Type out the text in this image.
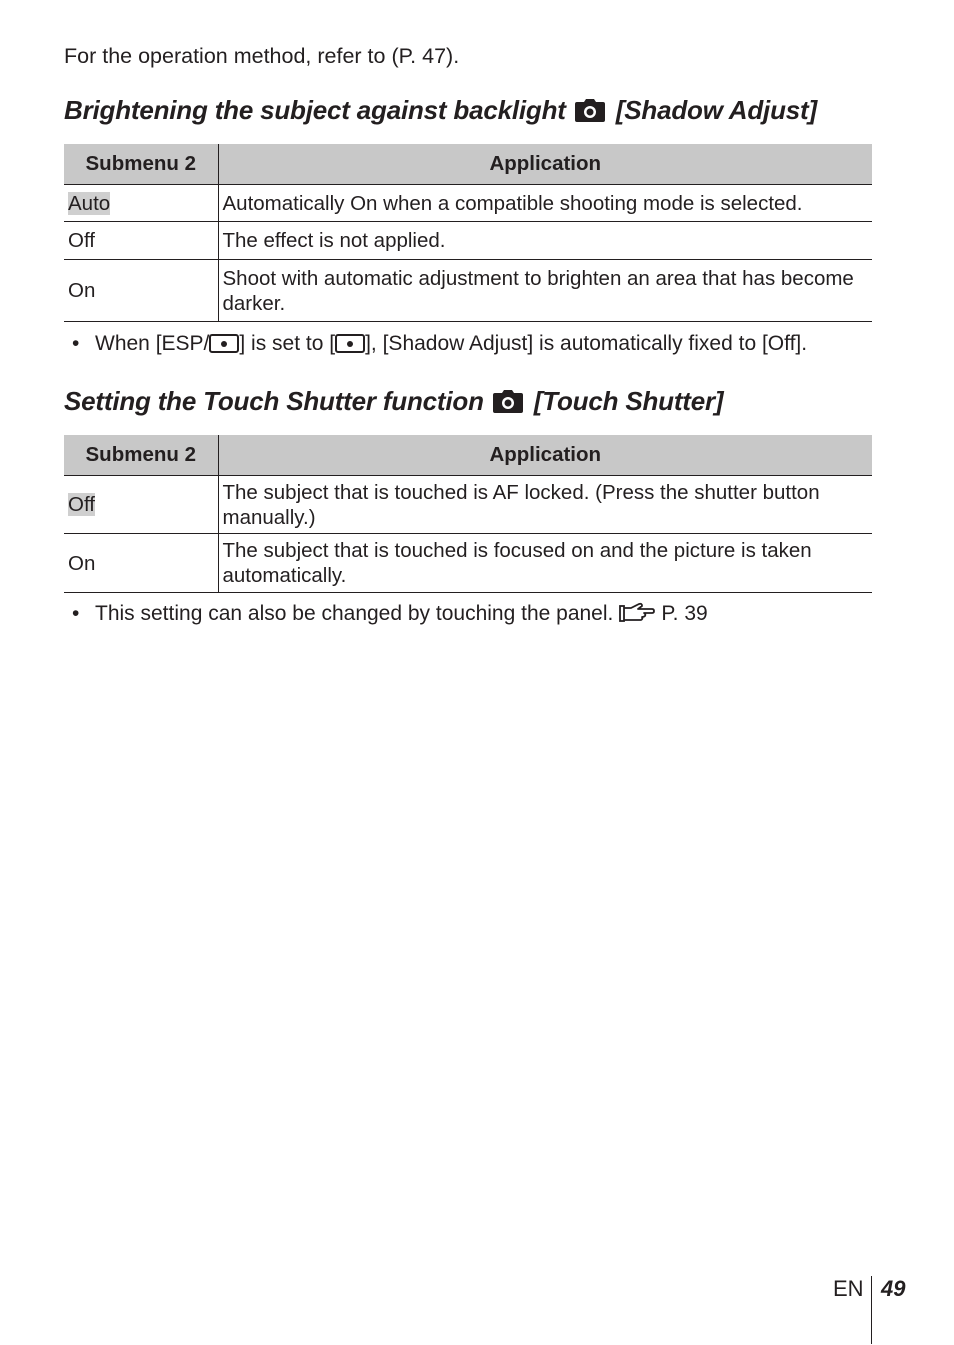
For the operation method, refer to (P. 47).
Brightening the subject against backlight [Shadow Adjust]
Submenu 2	Application
Auto	Automatically On when a compatible shooting mode is selected.
Off	The effect is not applied.
On	Shoot with automatic adjustment to brighten an area that has become darker.
• When [ESP/ ] is set to [ ], [Shadow Adjust] is automatically fixed to [Off].
Setting the Touch Shutter function [Touch Shutter]
Submenu 2	Application
Off	The subject that is touched is AF locked. (Press the shutter button manually.)
On	The subject that is touched is focused on and the picture is taken automatically.
• This setting can also be changed by touching the panel. P. 39
EN 49
